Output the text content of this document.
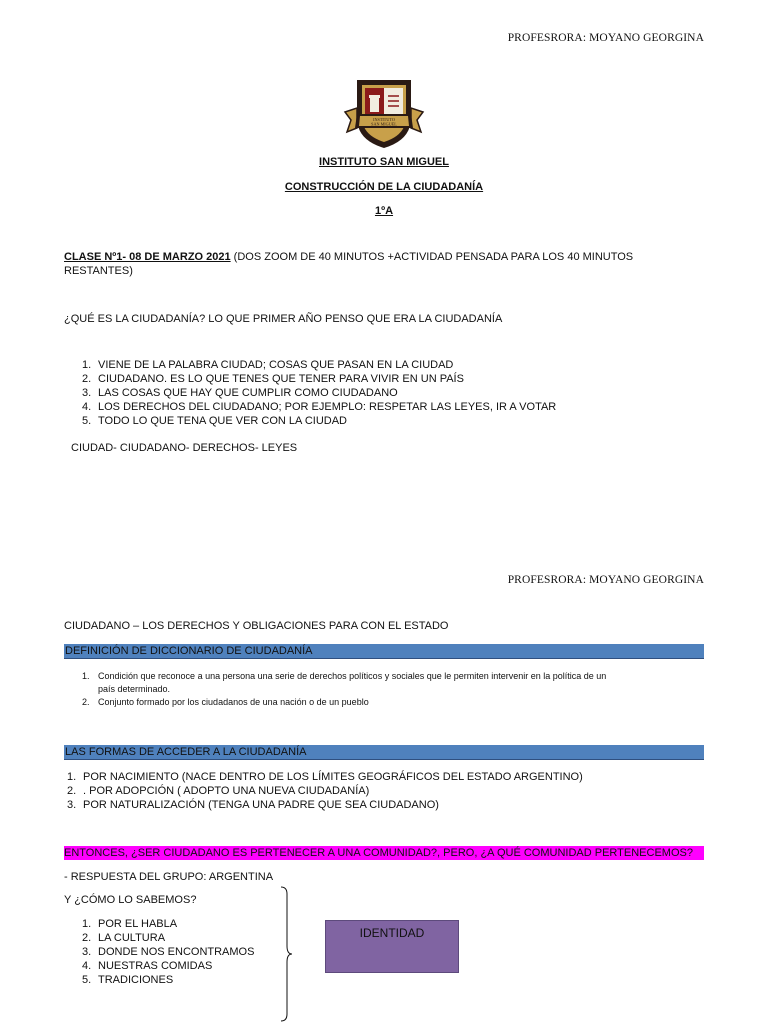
PROFESRORA: MOYANO GEORGINA
INSTITUTO
SAN MIGUEL
INSTITUTO SAN MIGUEL
CONSTRUCCIÓN DE LA CIUDADANÍA
1ºA
CLASE Nº1- 08 DE MARZO 2021 (DOS ZOOM DE 40 MINUTOS +ACTIVIDAD PENSADA PARA LOS 40 MINUTOS
RESTANTES)
¿QUÉ ES LA CIUDADANÍA? LO QUE PRIMER AÑO PENSO QUE ERA LA CIUDADANÍA
1. VIENE DE LA PALABRA CIUDAD; COSAS QUE PASAN EN LA CIUDAD
2. CIUDADANO. ES LO QUE TENES QUE TENER PARA VIVIR EN UN PAÍS
3. LAS COSAS QUE HAY QUE CUMPLIR COMO CIUDADANO
4. LOS DERECHOS DEL CIUDADANO; POR EJEMPLO: RESPETAR LAS LEYES, IR A VOTAR
5. TODO LO QUE TENA QUE VER CON LA CIUDAD
CIUDAD- CIUDADANO- DERECHOS- LEYES
PROFESRORA: MOYANO GEORGINA
CIUDADANO – LOS DERECHOS Y OBLIGACIONES PARA CON EL ESTADO
DEFINICIÓN DE DICCIONARIO DE CIUDADANÍA
1. Condición que reconoce a una persona una serie de derechos políticos y sociales que le permiten intervenir en la política de un
país determinado.
2. Conjunto formado por los ciudadanos de una nación o de un pueblo
LAS FORMAS DE ACCEDER A LA CIUDADANÍA
1. POR NACIMIENTO (NACE DENTRO DE LOS LÍMITES GEOGRÁFICOS DEL ESTADO ARGENTINO)
2. . POR ADOPCIÓN ( ADOPTO UNA NUEVA CIUDADANÍA)
3. POR NATURALIZACIÓN (TENGA UNA PADRE QUE SEA CIUDADANO)
ENTONCES, ¿SER CIUDADANO ES PERTENECER A UNA COMUNIDAD?, PERO, ¿A QUÉ COMUNIDAD PERTENECEMOS?
- RESPUESTA DEL GRUPO: ARGENTINA
Y ¿CÓMO LO SABEMOS?
1. POR EL HABLA
2. LA CULTURA
3. DONDE NOS ENCONTRAMOS
4. NUESTRAS COMIDAS
5. TRADICIONES
IDENTIDAD
